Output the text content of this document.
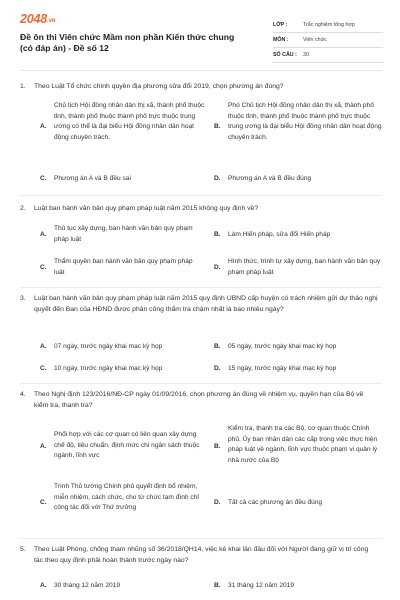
2048.vn
Đề ôn thi Viên chức Mầm non phần Kiến thức chung (có đáp án) - Đề số 12
LỚP :	Trắc nghiệm tổng hợp
MÔN :	Viên chức
SỐ CÂU : 30
1. Theo Luật Tổ chức chính quyền địa phương sửa đổi 2019, chọn phương án đúng?
A.
Chủ tịch Hội đồng nhân dân thị xã, thành phố thuộc tỉnh, thành phố thuộc thành phố trực thuộc trung ương có thể là đại biểu Hội đồng nhân dân hoạt động chuyên trách.
B.
Phó Chủ tịch Hội đồng nhân dân thị xã, thành phố thuộc tỉnh, thành phố thuộc thành phố trực thuộc trung ương là đại biểu Hội đồng nhân dân hoạt động chuyên trách.
C. Phương án A và B đều sai	D. Phương án A và B đều đúng
2. Luật ban hành văn bản quy phạm pháp luật năm 2015 không quy định về?
A.
Thủ tục xây dựng, ban hành văn bản quy phạm pháp luật
B. Làm Hiến pháp, sửa đổi Hiến pháp
C.
Thẩm quyền ban hành văn bản quy phạm pháp luật
D.
Hình thức, trình tự xây dựng, ban hành văn bản quy phạm pháp luật
3. Luật ban hành văn bản quy phạm pháp luật năm 2015 quy định UBND cấp huyện có trách nhiệm gửi dự thảo nghị quyết đến Ban của HĐND được phân công thẩm tra chậm nhất là bao nhiêu ngày?
A. 07 ngày, trước ngày khai mạc kỳ họp	B. 05 ngày, trước ngày khai mạc kỳ họp
C. 10 ngày, trước ngày khai mạc kỳ họp	D. 15 ngày, trước ngày khai mạc kỳ họp
4. Theo Nghị định 123/2016/NĐ-CP ngày 01/09/2016, chọn phương án đúng về nhiệm vụ, quyền hạn của Bộ về kiểm tra, thanh tra?
A.
Phối hợp với các cơ quan có liên quan xây dựng chế độ, tiêu chuẩn, định mức chi ngân sách thuộc ngành, lĩnh vực
B.
Kiểm tra, thanh tra các Bộ, cơ quan thuộc Chính phủ, Ủy ban nhân dân các cấp trong việc thực hiện pháp luật về ngành, lĩnh vực thuộc phạm vi quản lý nhà nước của Bộ
C.
Trình Thủ tướng Chính phủ quyết định bổ nhiệm, miễn nhiệm, cách chức, cho từ chức tạm đình chỉ công tác đối với Thứ trưởng
D. Tất cả các phương án đều đúng
5. Theo Luật Phòng, chống tham nhũng số 36/2018/QH14, việc kê khai lần đầu đối với Người đang giữ vị trí công tác theo quy định phải hoàn thành trước ngày nào?
A. 30 tháng 12 năm 2019	B. 31 tháng 12 năm 2019
